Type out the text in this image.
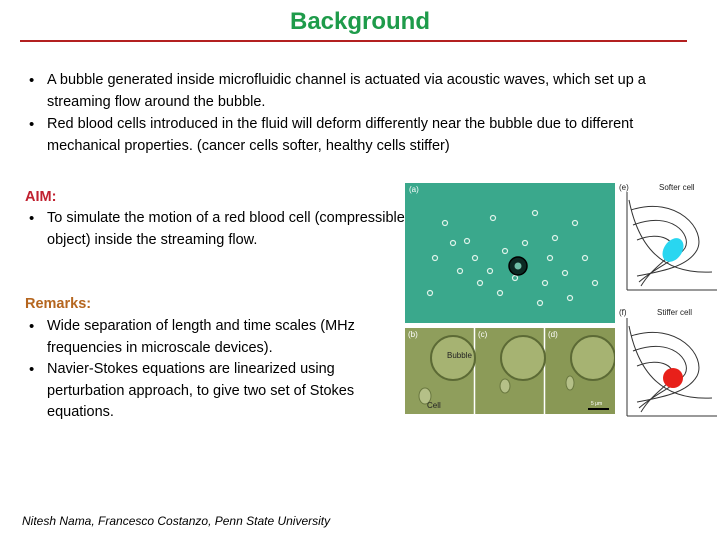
Background
• A bubble generated inside microfluidic channel is actuated via acoustic waves, which set up a streaming flow around the bubble.
• Red blood cells introduced in the fluid will deform differently near the bubble due to different mechanical properties. (cancer cells softer, healthy cells stiffer)
AIM:
• To simulate the motion of a red blood cell (compressible object) inside the streaming flow.
Remarks:
• Wide separation of length and time scales (MHz frequencies in microscale devices).
• Navier-Stokes equations are linearized using perturbation approach, to give two set of Stokes equations.
(a)
(b)	(c)	(d)
Bubble
Cell	5 μm
(e)	Softer cell
(f)	Stiffer cell
Nitesh Nama, Francesco Costanzo, Penn State University
